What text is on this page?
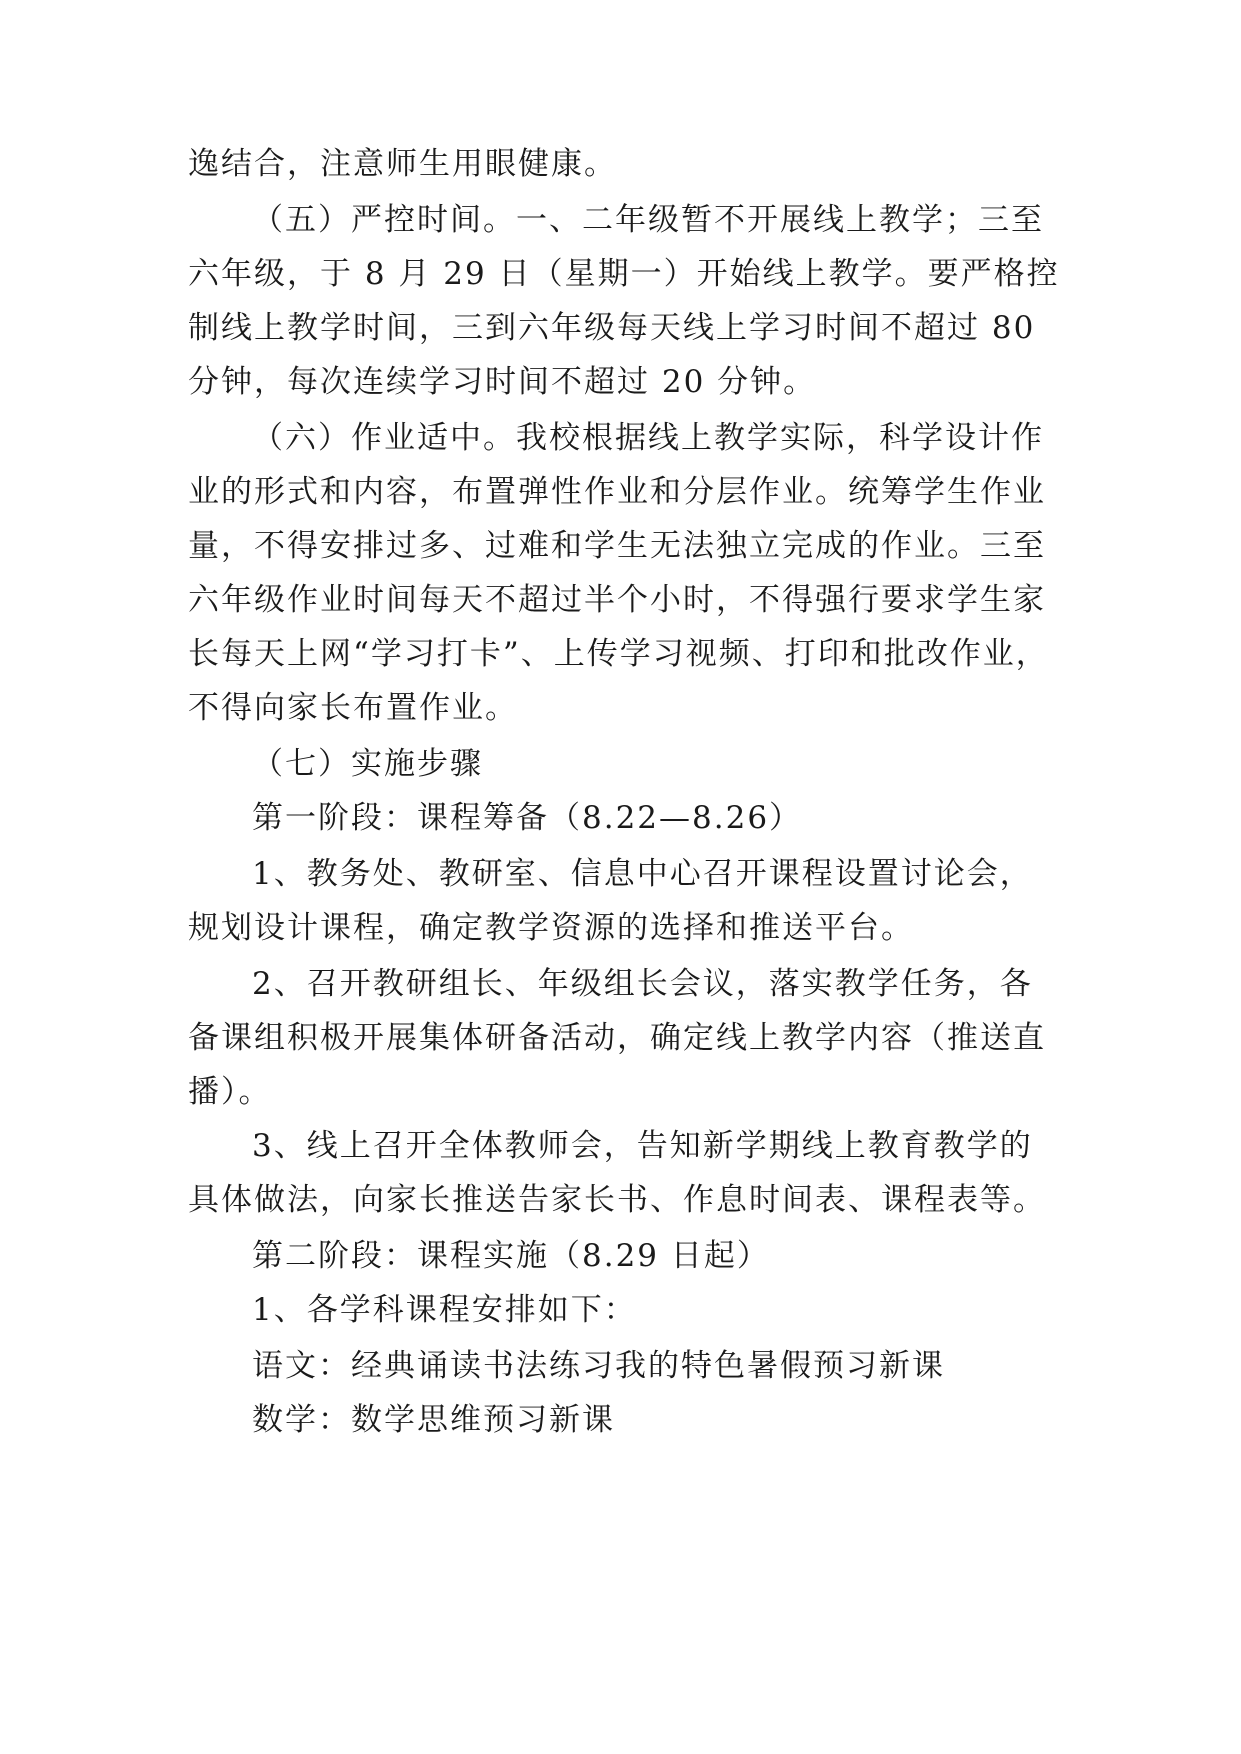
逸结合，注意师生用眼健康。
（五）严控时间。一、二年级暂不开展线上教学；三至
六年级，于 8 月 29 日（星期一）开始线上教学。要严格控
制线上教学时间，三到六年级每天线上学习时间不超过 80
分钟，每次连续学习时间不超过 20 分钟。
（六）作业适中。我校根据线上教学实际，科学设计作
业的形式和内容，布置弹性作业和分层作业。统筹学生作业
量，不得安排过多、过难和学生无法独立完成的作业。三至
六年级作业时间每天不超过半个小时，不得强行要求学生家
长每天上网“学习打卡”、上传学习视频、打印和批改作业，
不得向家长布置作业。
（七）实施步骤
第一阶段：课程筹备（8.22—8.26）
1、教务处、教研室、信息中心召开课程设置讨论会，
规划设计课程，确定教学资源的选择和推送平台。
2、召开教研组长、年级组长会议，落实教学任务，各
备课组积极开展集体研备活动，确定线上教学内容（推送直
播）。
3、线上召开全体教师会，告知新学期线上教育教学的
具体做法，向家长推送告家长书、作息时间表、课程表等。
第二阶段：课程实施（8.29 日起）
1、各学科课程安排如下：
语文：经典诵读书法练习我的特色暑假预习新课
数学：数学思维预习新课
